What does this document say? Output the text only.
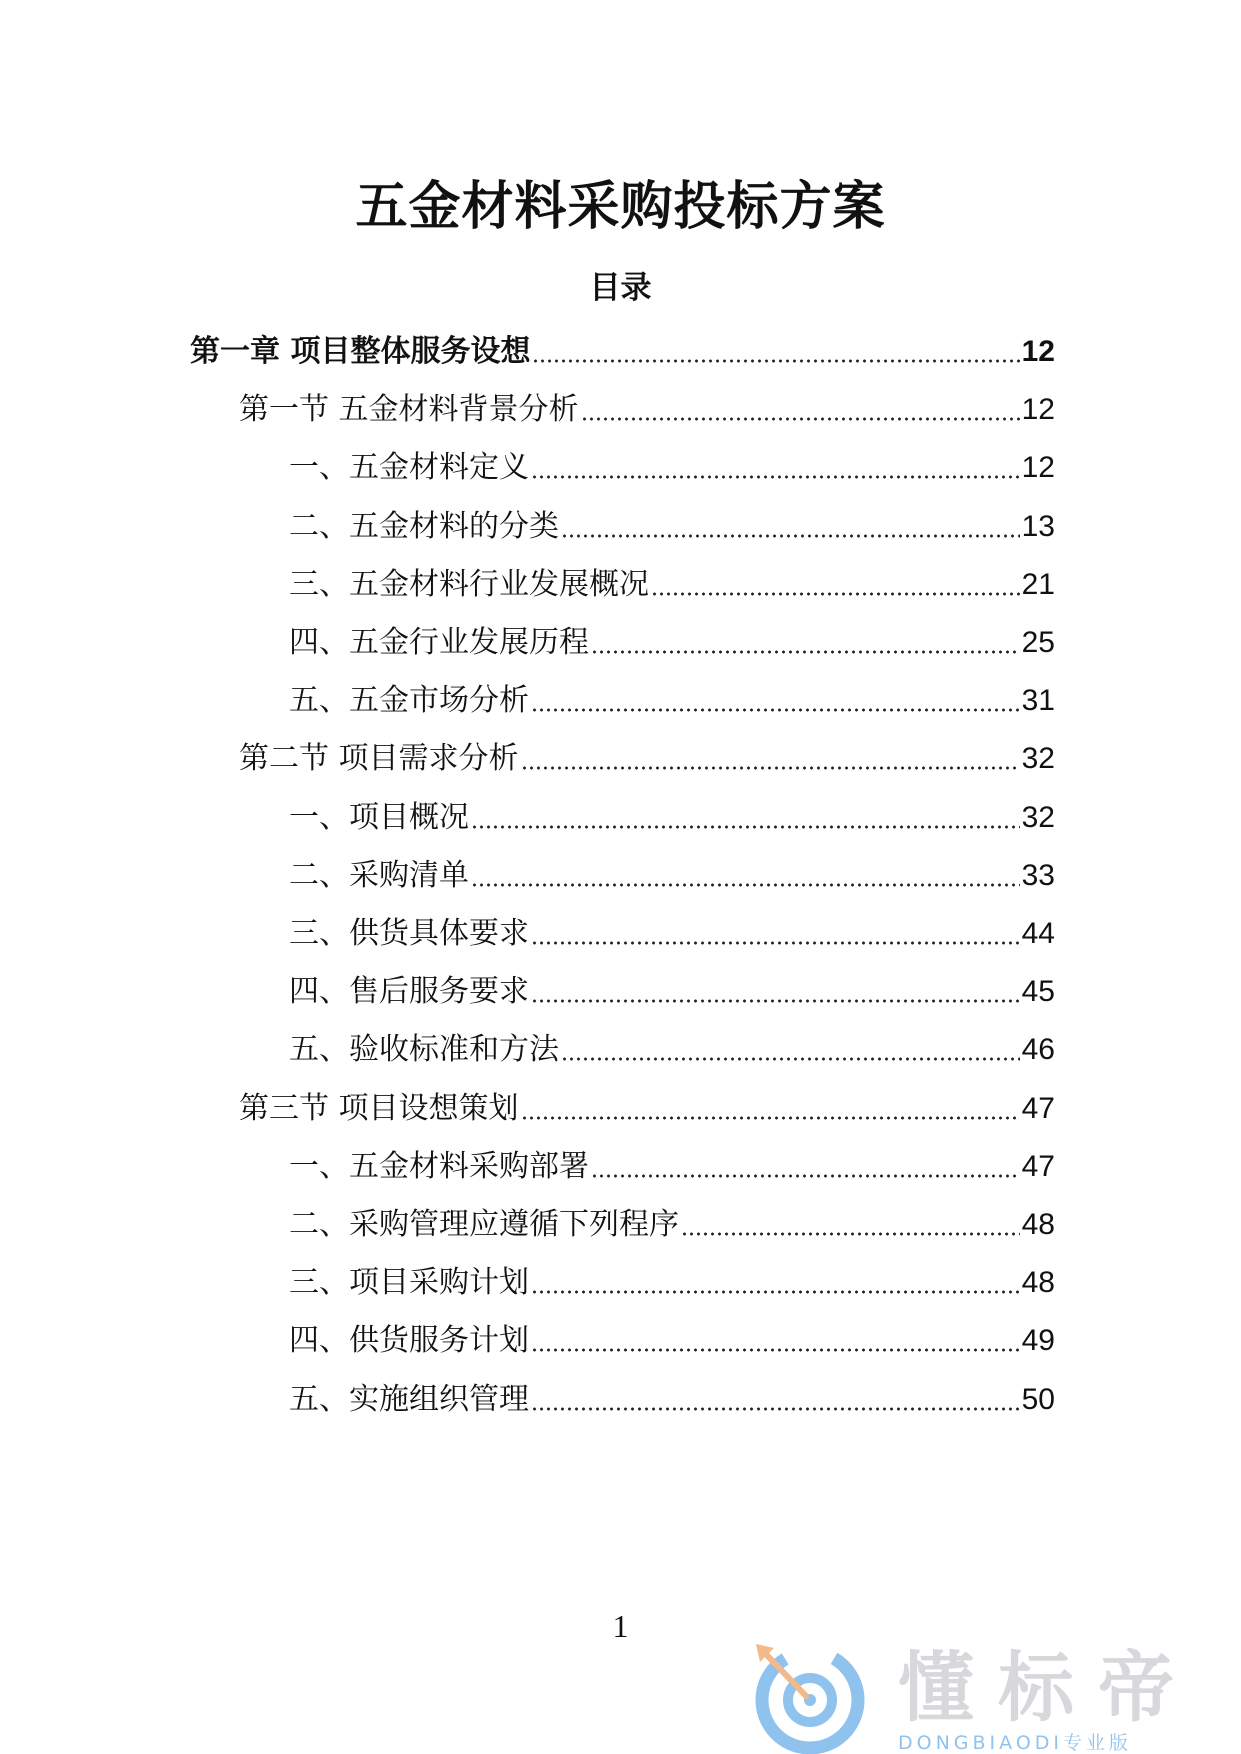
五金材料采购投标方案
目录
第一章 项目整体服务设想	12
第一节 五金材料背景分析	12
一、五金材料定义	12
二、五金材料的分类	13
三、五金材料行业发展概况	21
四、五金行业发展历程	25
五、五金市场分析	31
第二节 项目需求分析	32
一、项目概况	32
二、采购清单	33
三、供货具体要求	44
四、售后服务要求	45
五、验收标准和方法	46
第三节 项目设想策划	47
一、五金材料采购部署	47
二、采购管理应遵循下列程序	48
三、项目采购计划	48
四、供货服务计划	49
五、实施组织管理	50
1
懂标帝
DONGBIAODI专业版
